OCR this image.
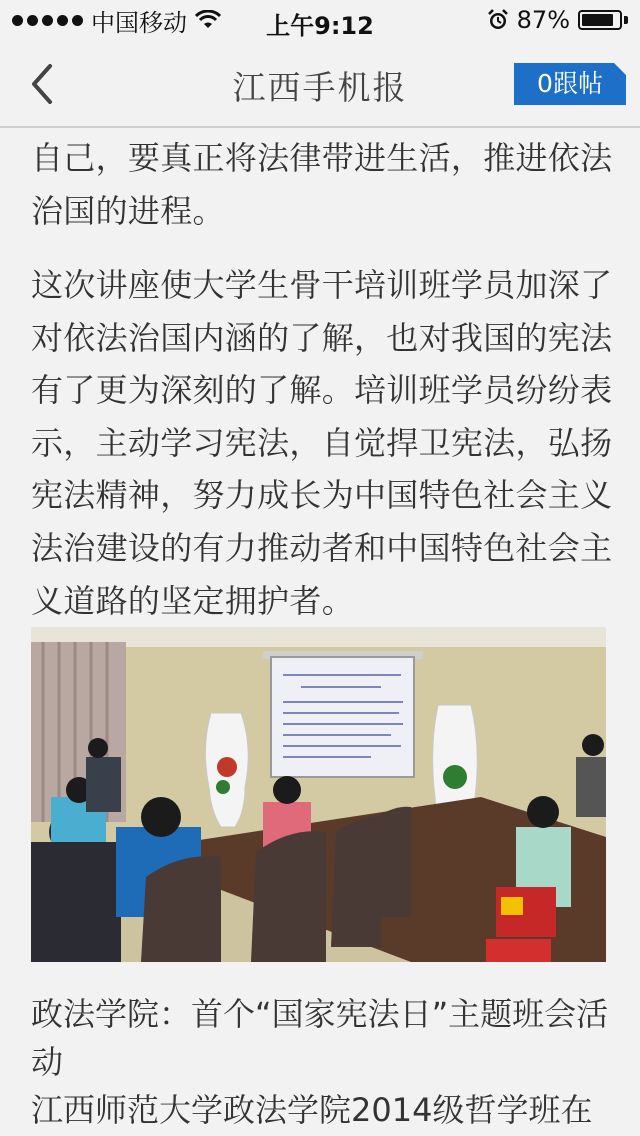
中国移动	上午9:12	87%
江西手机报	0跟帖

自己，要真正将法律带进生活，推进依法治国的进程。

这次讲座使大学生骨干培训班学员加深了对依法治国内涵的了解，也对我国的宪法有了更为深刻的了解。培训班学员纷纷表示，主动学习宪法，自觉捍卫宪法，弘扬宪法精神，努力成长为中国特色社会主义法治建设的有力推动者和中国特色社会主义道路的坚定拥护者。

政法学院：首个“国家宪法日”主题班会活动
江西师范大学政法学院2014级哲学班在
